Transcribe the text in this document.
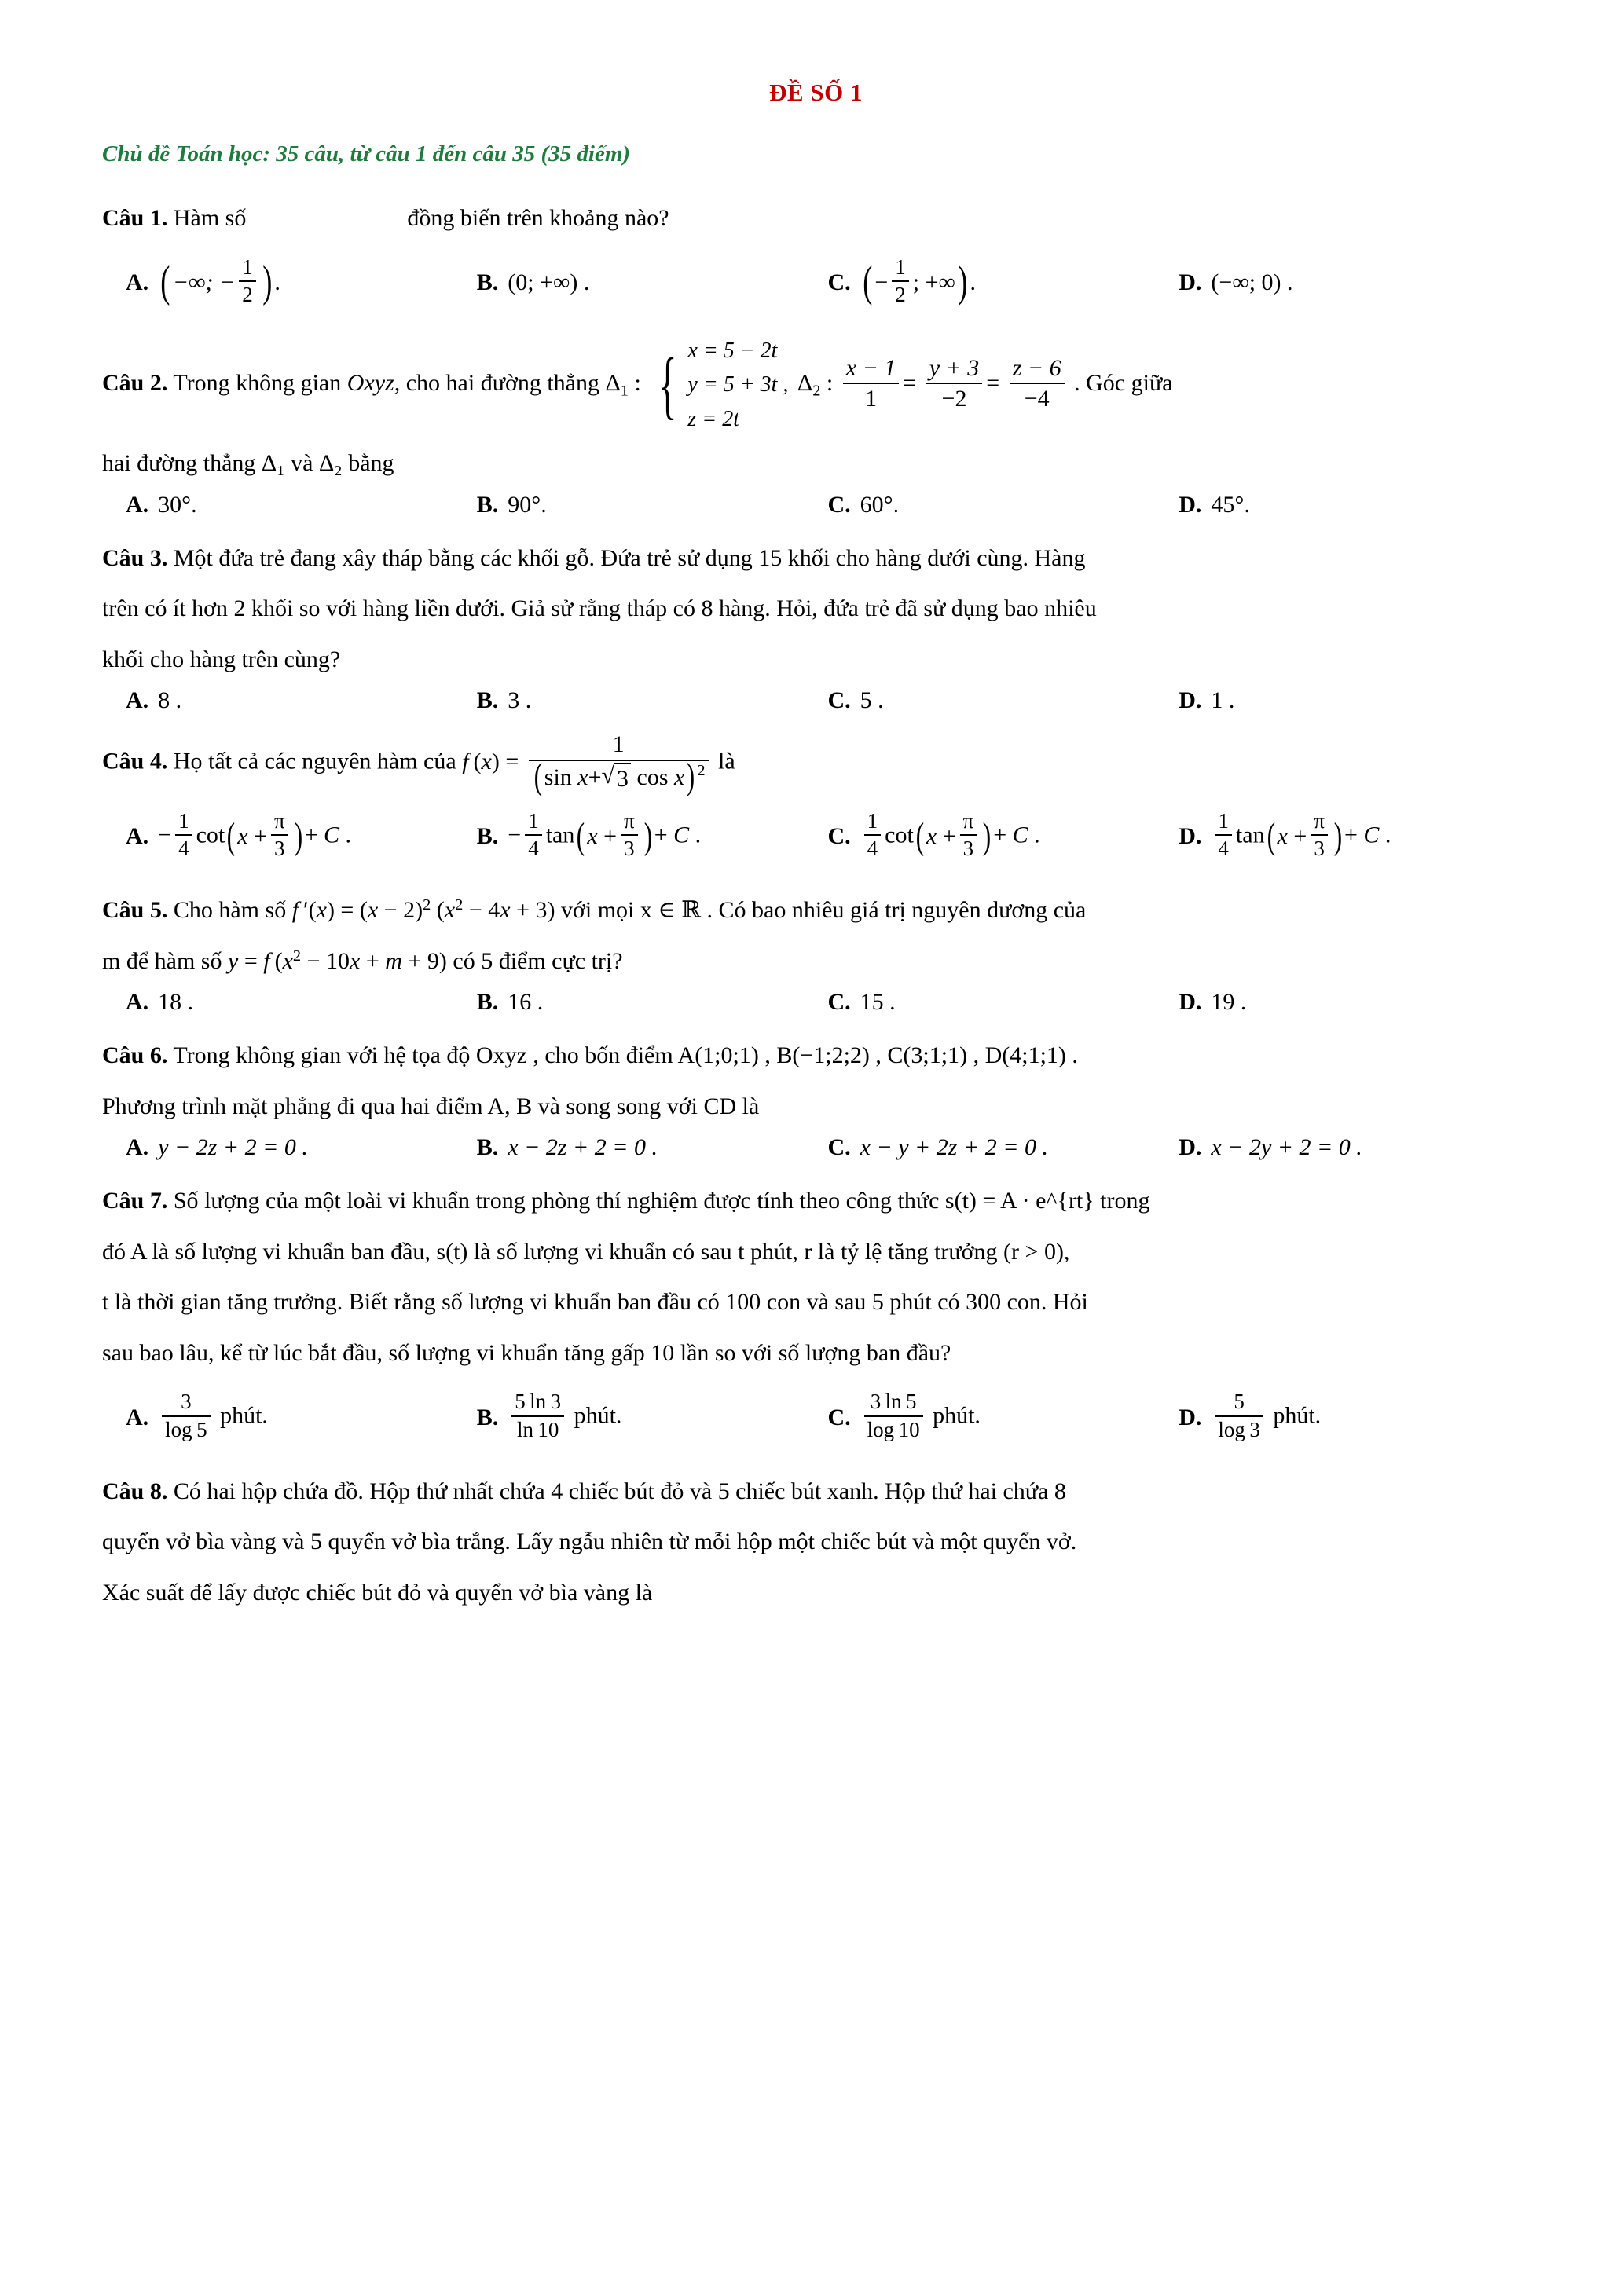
ĐỀ SỐ 1
Chủ đề Toán học: 35 câu, từ câu 1 đến câu 35 (35 điểm)
Câu 1. Hàm số	đồng biến trên khoảng nào?
A. ( −∞; − $\frac{1}{2}$ ) .	B. (0; +∞) .	C. ( − $\frac{1}{2}$ ; +∞ ) .	D. (−∞; 0) .
Câu 2. Trong không gian Oxyz, cho hai đường thẳng $\Delta_1$ : { x = 5 − 2t
y = 5 + 3t ,
z = 2t
$\Delta_2$ : $\frac{x - 1}{1} = \frac{y + 3}{-2} = \frac{z - 6}{-4}$ . Góc giữa
hai đường thẳng Δ₁ và Δ₂ bằng
A. 30°.	B. 90°.	C. 60°.	D. 45°.
Câu 3. Một đứa trẻ đang xây tháp bằng các khối gỗ. Đứa trẻ sử dụng 15 khối cho hàng dưới cùng. Hàng
trên có ít hơn 2 khối so với hàng liền dưới. Giả sử rằng tháp có 8 hàng. Hỏi, đứa trẻ đã sử dụng bao nhiêu
khối cho hàng trên cùng?
A. 8 .	B. 3 .	C. 5 .	D. 1 .
Câu 4. Họ tất cả các nguyên hàm của f $(x) = \frac{1}{( \sin x + √ 3 \cos x ) ^2}$ là
A. − $\frac{1}{4}$ cot ( $x + \frac{\pi}{3}$ ) + C .	B. − $\frac{1}{4}$ tan ( $x + \frac{\pi}{3}$ ) + C .	C. $\frac{1}{4}$ cot ( $x + \frac{\pi}{3}$ ) + C .	D. $\frac{1}{4}$ tan ( $x + \frac{\pi}{3}$ ) + C .
Câu 5. Cho hàm số f $'(x) = (x - 2)^2$ $(x^2 - 4x + 3)$ với mọi x ∈ ℝ . Có bao nhiêu giá trị nguyên dương của
m để hàm số y = f $(x^2 - 10x + m + 9)$ có 5 điểm cực trị?
A. 18 .	B. 16 .	C. 15 .	D. 19 .
Câu 6. Trong không gian với hệ tọa độ Oxyz , cho bốn điểm A(1;0;1) , B(−1;2;2) , C(3;1;1) , D(4;1;1) .
Phương trình mặt phẳng đi qua hai điểm A, B và song song với CD là
A. y − 2z + 2 = 0 .	B. x − 2z + 2 = 0 .	C. x − y + 2z + 2 = 0 .	D. x − 2y + 2 = 0 .
Câu 7. Số lượng của một loài vi khuẩn trong phòng thí nghiệm được tính theo công thức s(t) = A · e^{rt} trong
đó A là số lượng vi khuẩn ban đầu, s(t) là số lượng vi khuẩn có sau t phút, r là tỷ lệ tăng trưởng (r > 0),
t là thời gian tăng trưởng. Biết rằng số lượng vi khuẩn ban đầu có 100 con và sau 5 phút có 300 con. Hỏi
sau bao lâu, kể từ lúc bắt đầu, số lượng vi khuẩn tăng gấp 10 lần so với số lượng ban đầu?
A. $\frac{3}{\log 5}$ phút.	B. $\frac{5 \ln 3}{\ln 10}$ phút.	C. $\frac{3 \ln 5}{\log 10}$ phút.	D. $\frac{5}{\log 3}$ phút.
Câu 8. Có hai hộp chứa đồ. Hộp thứ nhất chứa 4 chiếc bút đỏ và 5 chiếc bút xanh. Hộp thứ hai chứa 8
quyển vở bìa vàng và 5 quyển vở bìa trắng. Lấy ngẫu nhiên từ mỗi hộp một chiếc bút và một quyển vở.
Xác suất để lấy được chiếc bút đỏ và quyển vở bìa vàng là
